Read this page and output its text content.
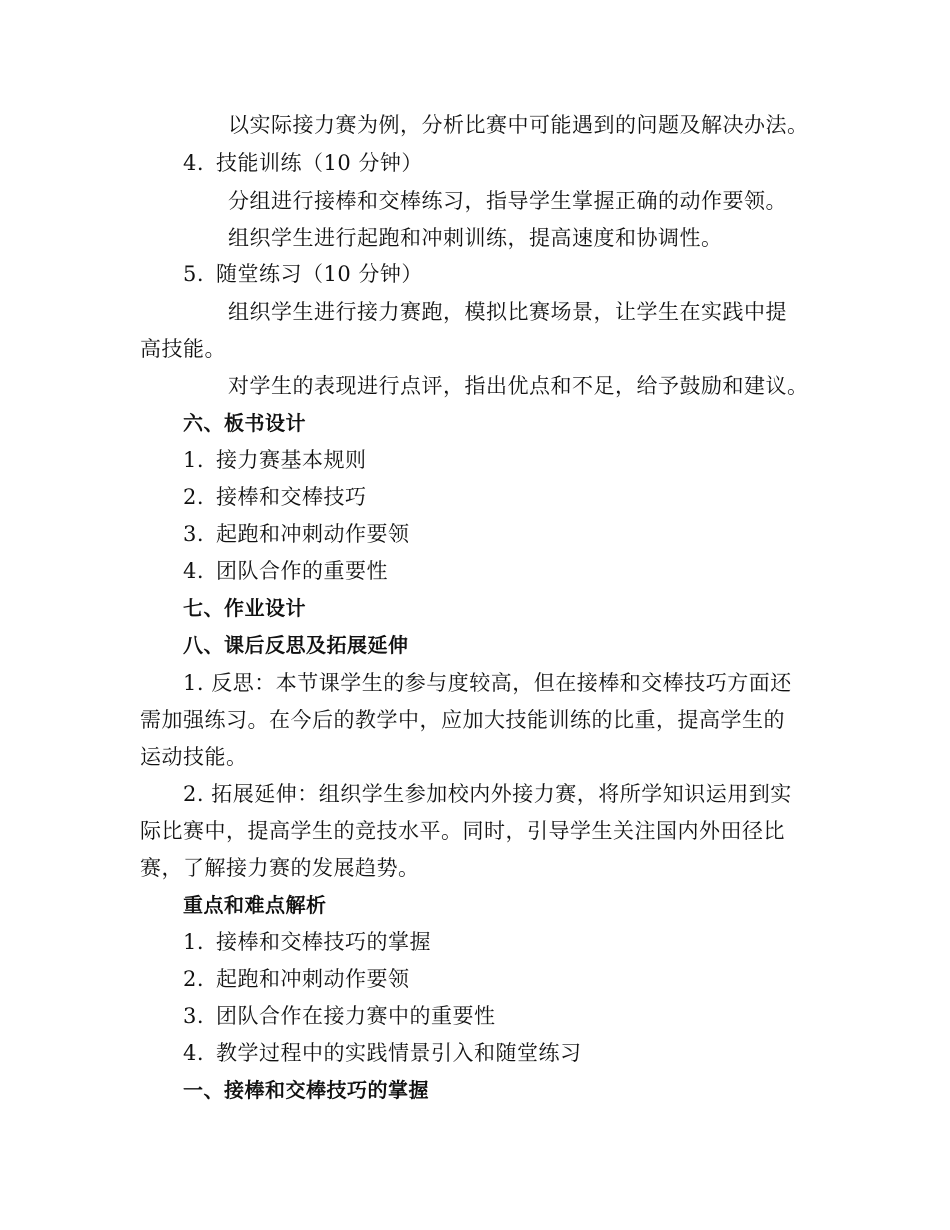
以实际接力赛为例，分析比赛中可能遇到的问题及解决办法。
4. 技能训练（10 分钟）
分组进行接棒和交棒练习，指导学生掌握正确的动作要领。
组织学生进行起跑和冲刺训练，提高速度和协调性。
5. 随堂练习（10 分钟）
组织学生进行接力赛跑，模拟比赛场景，让学生在实践中提
高技能。
对学生的表现进行点评，指出优点和不足，给予鼓励和建议。
六、板书设计
1. 接力赛基本规则
2. 接棒和交棒技巧
3. 起跑和冲刺动作要领
4. 团队合作的重要性
七、作业设计
八、课后反思及拓展延伸
1. 反思：本节课学生的参与度较高，但在接棒和交棒技巧方面还
需加强练习。在今后的教学中，应加大技能训练的比重，提高学生的
运动技能。
2. 拓展延伸：组织学生参加校内外接力赛，将所学知识运用到实
际比赛中，提高学生的竞技水平。同时，引导学生关注国内外田径比
赛，了解接力赛的发展趋势。
重点和难点解析
1. 接棒和交棒技巧的掌握
2. 起跑和冲刺动作要领
3. 团队合作在接力赛中的重要性
4. 教学过程中的实践情景引入和随堂练习
一、接棒和交棒技巧的掌握
